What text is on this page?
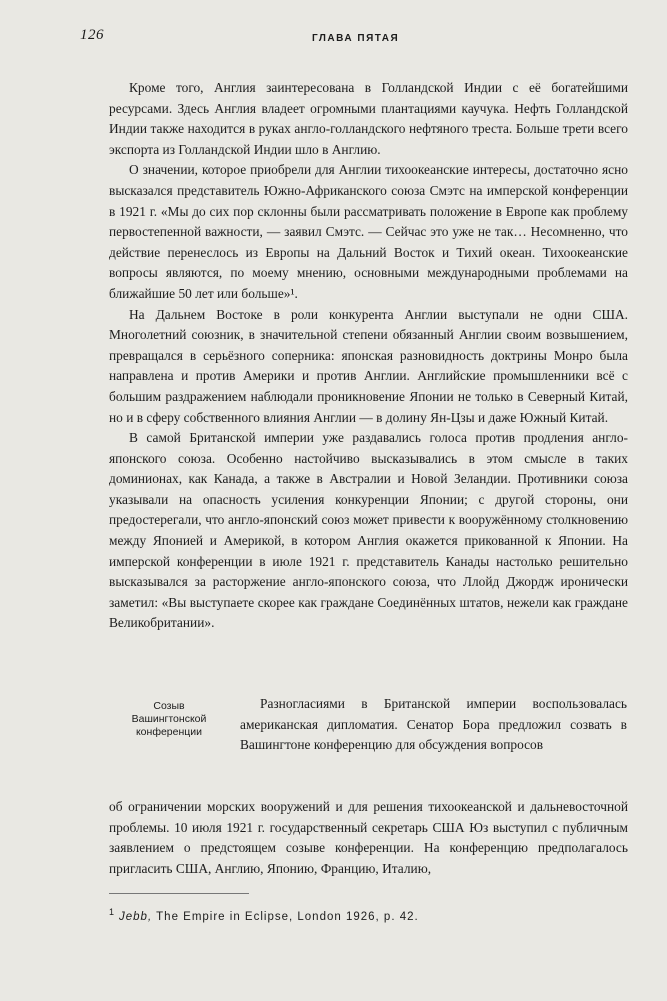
126	ГЛАВА ПЯТАЯ

Кроме того, Англия заинтересована в Голландской Индии с её богатейшими ресурсами. Здесь Англия владеет огромными плантациями каучука. Нефть Голландской Индии также находится в руках англо-голландского нефтяного треста. Больше трети всего экспорта из Голландской Индии шло в Англию.

О значении, которое приобрели для Англии тихоокеанские интересы, достаточно ясно высказался представитель Южно-Африканского союза Смэтс на имперской конференции в 1921 г. «Мы до сих пор склонны были рассматривать положение в Европе как проблему первостепенной важности, — заявил Смэтс. — Сейчас это уже не так… Несомненно, что действие перенеслось из Европы на Дальний Восток и Тихий океан. Тихоокеанские вопросы являются, по моему мнению, основными международными проблемами на ближайшие 50 лет или больше»¹.

На Дальнем Востоке в роли конкурента Англии выступали не одни США. Многолетний союзник, в значительной степени обязанный Англии своим возвышением, превращался в серьёзного соперника: японская разновидность доктрины Монро была направлена и против Америки и против Англии. Английские промышленники всё с большим раздражением наблюдали проникновение Японии не только в Северный Китай, но и в сферу собственного влияния Англии — в долину Ян-Цзы и даже Южный Китай.

В самой Британской империи уже раздавались голоса против продления англо-японского союза. Особенно настойчиво высказывались в этом смысле в таких доминионах, как Канада, а также в Австралии и Новой Зеландии. Противники союза указывали на опасность усиления конкуренции Японии; с другой стороны, они предостерегали, что англо-японский союз может привести к вооружённому столкновению между Японией и Америкой, в котором Англия окажется прикованной к Японии. На имперской конференции в июле 1921 г. представитель Канады настолько решительно высказывался за расторжение англо-японского союза, что Ллойд Джордж иронически заметил: «Вы выступаете скорее как граждане Соединённых штатов, нежели как граждане Великобритании».

Созыв
Вашингтонской
конференции

Разногласиями в Британской империи воспользовалась американская дипломатия. Сенатор Бора предложил созвать в Вашингтоне конференцию для обсуждения вопросов

об ограничении морских вооружений и для решения тихоокеанской и дальневосточной проблемы. 10 июля 1921 г. государственный секретарь США Юз выступил с публичным заявлением о предстоящем созыве конференции. На конференцию предполагалось пригласить США, Англию, Японию, Францию, Италию,

$^1$ Jebb, The Empire in Eclipse, London 1926, p. 42.
